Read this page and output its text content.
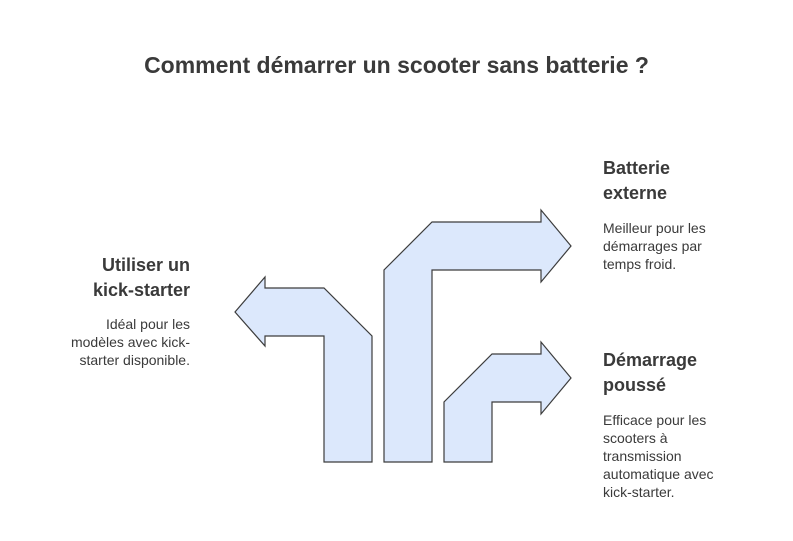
Comment démarrer un scooter sans batterie ?
Utiliser un
kick-starter
Idéal pour les
modèles avec kick-
starter disponible.
Batterie
externe
Meilleur pour les
démarrages par
temps froid.
Démarrage
poussé
Efficace pour les
scooters à
transmission
automatique avec
kick-starter.
